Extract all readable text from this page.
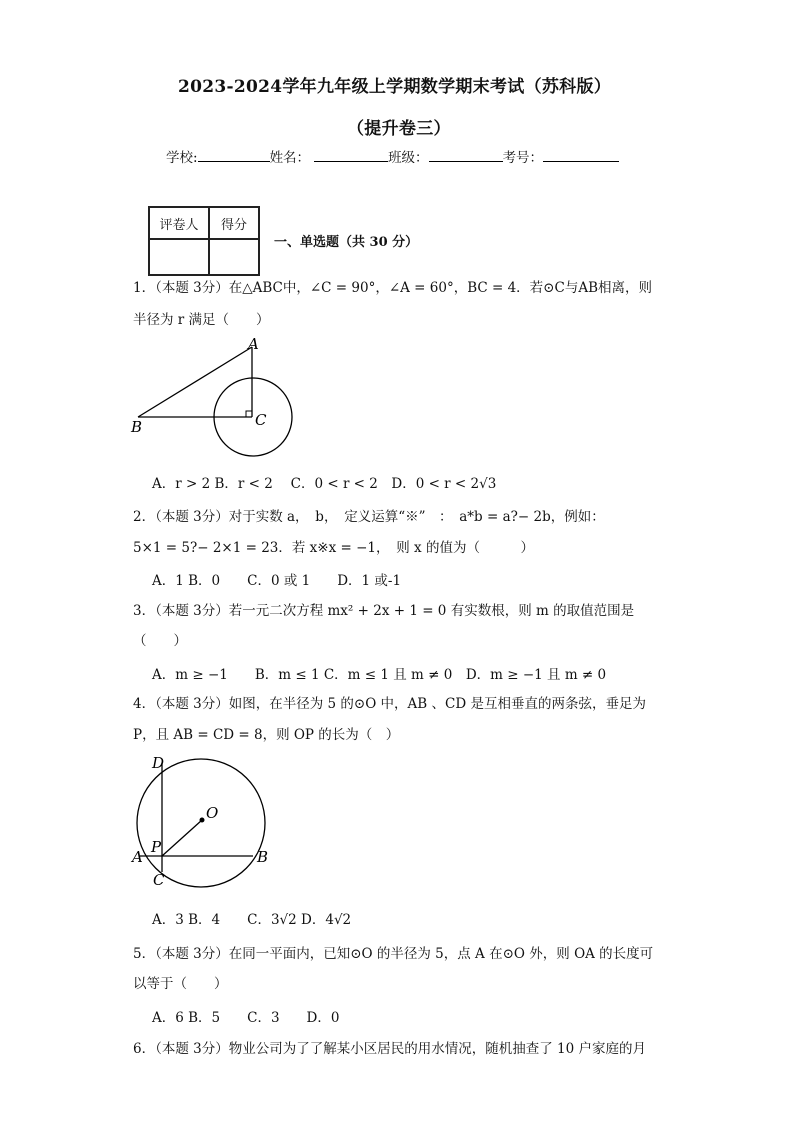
2023-2024学年九年级上学期数学期末考试（苏科版）
（提升卷三）
学校:	姓名：	班级：	考号：
评卷人	得分

一、单选题（共 30 分）
1．（本题 3分）在△ABC中，∠C = 90°，∠A = 60°，BC = 4．若⊙C与AB相离，则
半径为 r 满足（　　）
A
B	C
A．r > 2 B．r < 2　 C．0 < r < 2　D．0 < r < 2√3
2．（本题 3分）对于实数 a，　b，　定义运算“※”　：　a*b = a?− 2b，例如：
5×1 = 5?− 2×1 = 23．若 x※x = −1，　则 x 的值为（　　　）
A．1 B．0　　C．0 或 1　　D．1 或-1
3．（本题 3分）若一元二次方程 mx² + 2x + 1 = 0 有实数根，则 m 的取值范围是
（　　）
A．m ≥ −1　　B．m ≤ 1 C．m ≤ 1 且 m ≠ 0　D．m ≥ −1 且 m ≠ 0
4．（本题 3分）如图，在半径为 5 的⊙O 中，AB 、CD 是互相垂直的两条弦，垂足为
P，且 AB = CD = 8，则 OP 的长为（　）
D
O
P
A	B
C
A．3 B．4　　C．3√2 D．4√2
5．（本题 3分）在同一平面内，已知⊙O 的半径为 5，点 A 在⊙O 外，则 OA 的长度可
以等于（　　）
A．6 B．5　　C．3　　D．0
6．（本题 3分）物业公司为了了解某小区居民的用水情况，随机抽查了 10 户家庭的月
